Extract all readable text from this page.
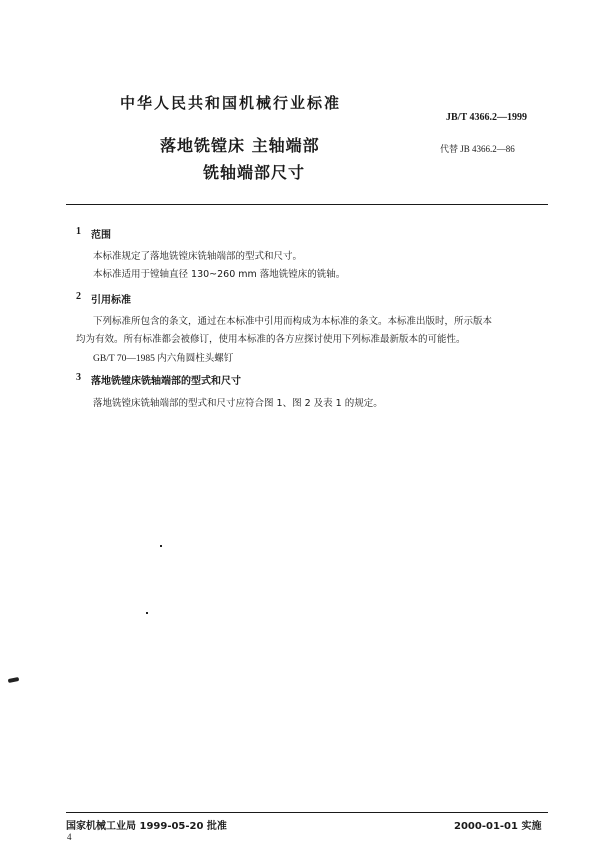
中华人民共和国机械行业标准
JB/T 4366.2—1999
落地铣镗床 主轴端部	代替 JB 4366.2—86
铣轴端部尺寸
1 范围
本标准规定了落地铣镗床铣轴端部的型式和尺寸。
本标准适用于镗轴直径 130~260 mm 落地铣镗床的铣轴。
2 引用标准
下列标准所包含的条文，通过在本标准中引用而构成为本标准的条文。本标准出版时，所示版本
均为有效。所有标准都会被修订，使用本标准的各方应探讨使用下列标准最新版本的可能性。
GB/T 70—1985 内六角圆柱头螺钉
3 落地铣镗床铣轴端部的型式和尺寸
落地铣镗床铣轴端部的型式和尺寸应符合图 1、图 2 及表 1 的规定。
国家机械工业局 1999-05-20 批准	2000-01-01 实施
4
